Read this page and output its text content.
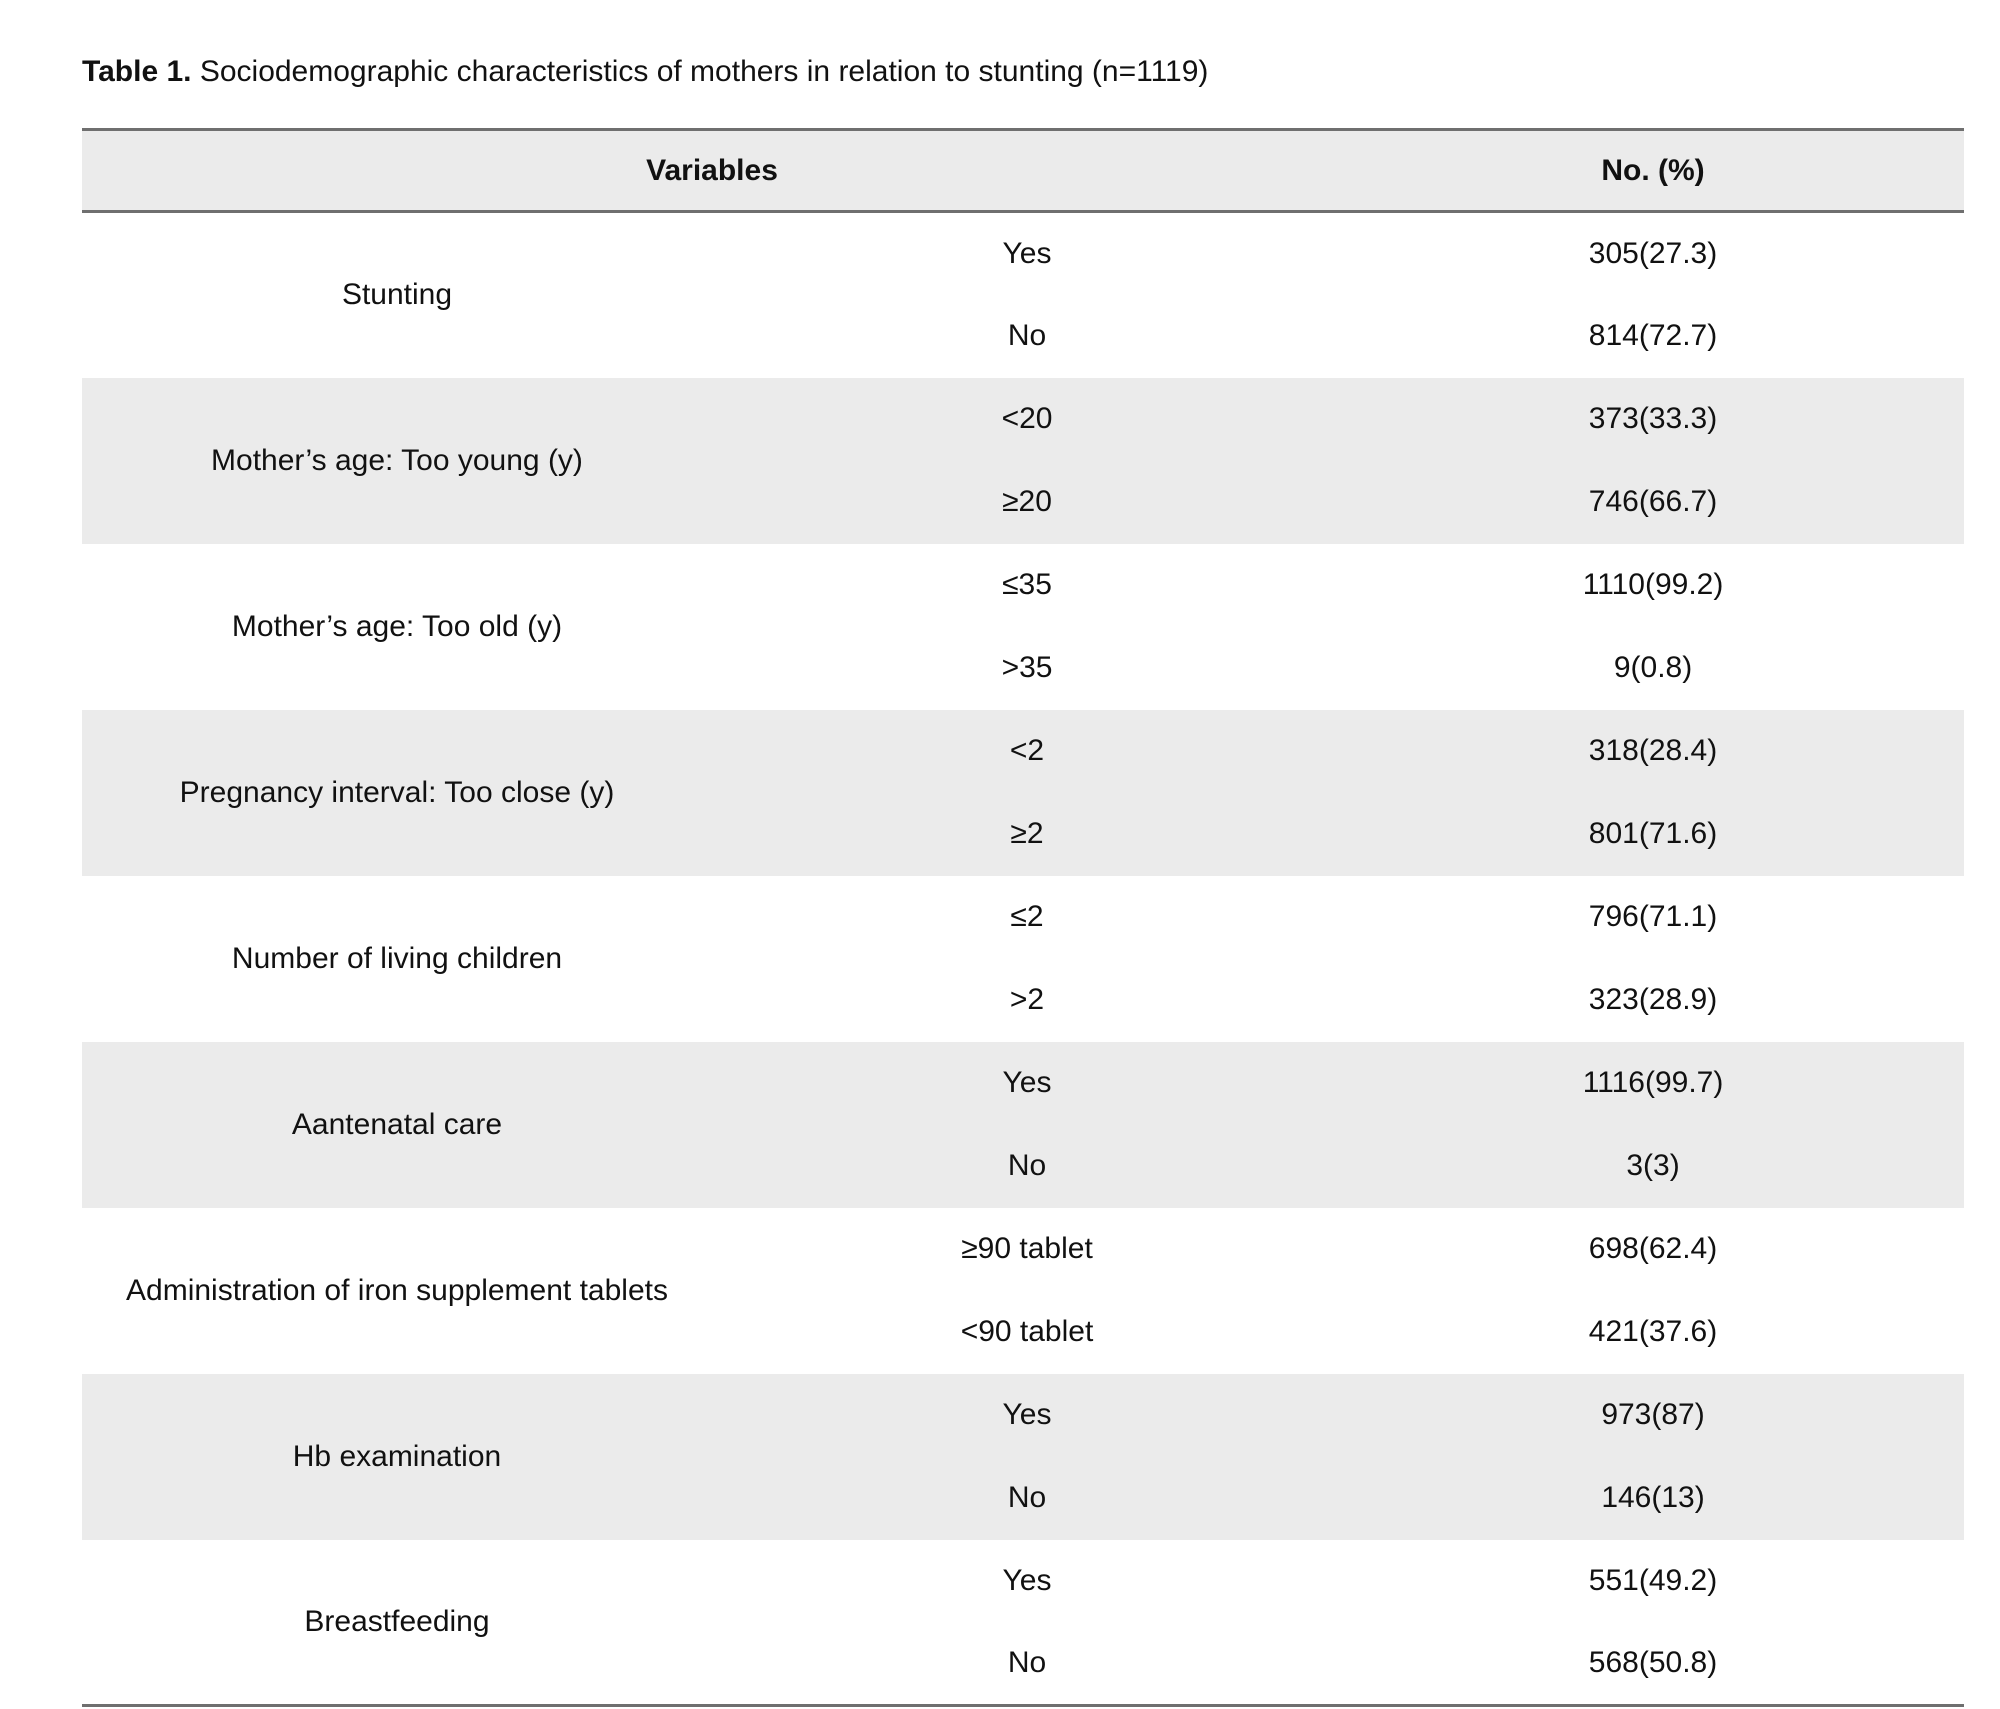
Table 1. Sociodemographic characteristics of mothers in relation to stunting (n=1119)
Variables		No. (%)
Stunting	Yes	305(27.3)
	No	814(72.7)
Mother’s age: Too young (y)	<20	373(33.3)
	≥20	746(66.7)
Mother’s age: Too old (y)	≤35	1110(99.2)
	>35	9(0.8)
Pregnancy interval: Too close (y)	<2	318(28.4)
	≥2	801(71.6)
Number of living children	≤2	796(71.1)
	>2	323(28.9)
Aantenatal care	Yes	1116(99.7)
	No	3(3)
Administration of iron supplement tablets	≥90 tablet	698(62.4)
	<90 tablet	421(37.6)
Hb examination	Yes	973(87)
	No	146(13)
Breastfeeding	Yes	551(49.2)
	No	568(50.8)
